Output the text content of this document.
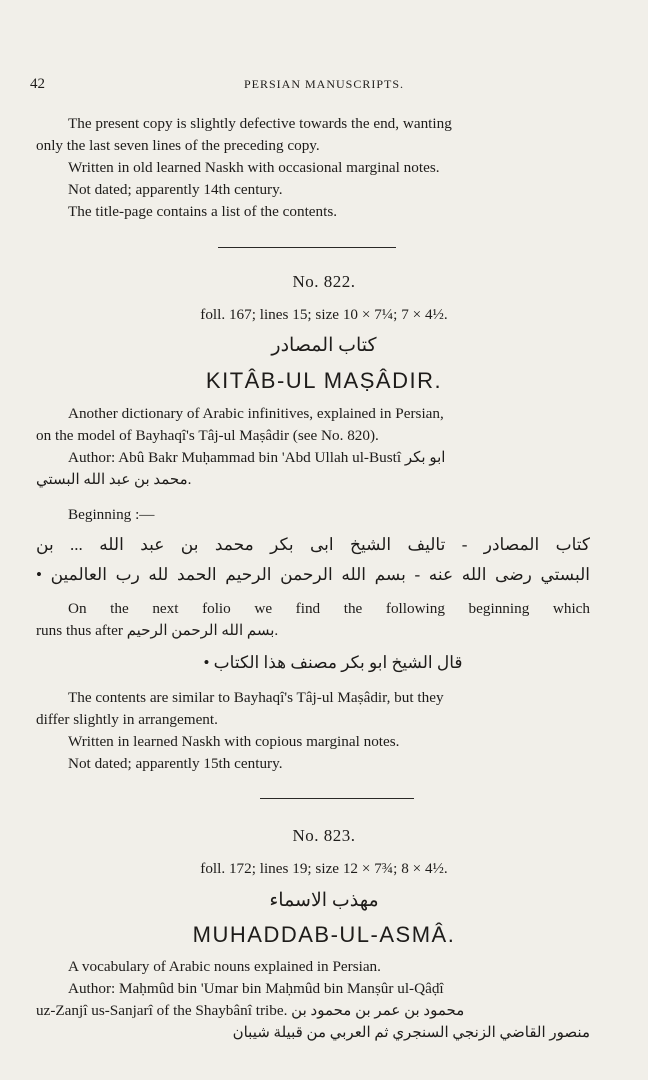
42	PERSIAN MANUSCRIPTS.
The present copy is slightly defective towards the end, wanting
only the last seven lines of the preceding copy.
Written in old learned Naskh with occasional marginal notes.
Not dated; apparently 14th century.
The title-page contains a list of the contents.
No. 822.
foll. 167; lines 15; size 10 × 7¼; 7 × 4½.
كتاب المصادر
KITÂB-UL MAṢÂDIR.
Another dictionary of Arabic infinitives, explained in Persian,
on the model of Bayhaqî's Tâj-ul Maṣâdir (see No. 820).
Author: Abû Bakr Muḥammad bin 'Abd Ullah ul-Bustî ابو بكر
محمد بن عبد الله البستي.
Beginning :—
كتاب المصادر - تاليف الشيخ ابى بكر محمد بن عبد الله ... بن
البستي رضى الله عنه - بسم الله الرحمن الرحيم الحمد لله رب العالمين •
On the next folio we find the following beginning which
runs thus after بسم الله الرحمن الرحيم.
قال الشيخ ابو بكر مصنف هذا الكتاب •
The contents are similar to Bayhaqî's Tâj-ul Maṣâdir, but they
differ slightly in arrangement.
Written in learned Naskh with copious marginal notes.
Not dated; apparently 15th century.
No. 823.
foll. 172; lines 19; size 12 × 7¾; 8 × 4½.
مهذب الاسماء
MUHADDAB-UL-ASMÂ.
A vocabulary of Arabic nouns explained in Persian.
Author: Maḥmûd bin 'Umar bin Maḥmûd bin Manṣûr ul-Qâḍî
uz-Zanjî us-Sanjarî of the Shaybânî tribe. محمود بن عمر بن محمود بن
منصور القاضي الزنجي السنجري ثم العربي من قبيلة شيبان
